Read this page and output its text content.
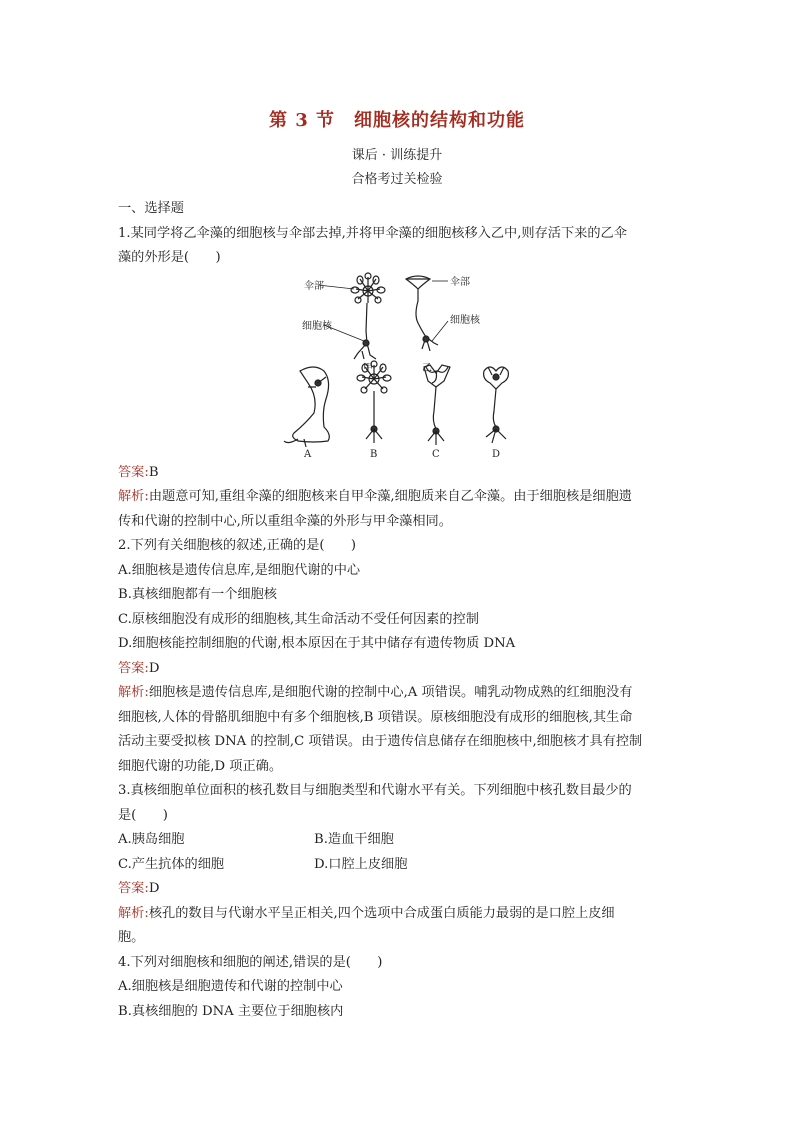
第 3 节　细胞核的结构和功能
课后 · 训练提升
合格考过关检验
一、选择题
1.某同学将乙伞藻的细胞核与伞部去掉,并将甲伞藻的细胞核移入乙中,则存活下来的乙伞
藻的外形是(　　)
伞部
细胞核
伞部
细胞核
甲	乙
A	B	C	D
答案:B
解析:由题意可知,重组伞藻的细胞核来自甲伞藻,细胞质来自乙伞藻。由于细胞核是细胞遗
传和代谢的控制中心,所以重组伞藻的外形与甲伞藻相同。
2.下列有关细胞核的叙述,正确的是(　　)
A.细胞核是遗传信息库,是细胞代谢的中心
B.真核细胞都有一个细胞核
C.原核细胞没有成形的细胞核,其生命活动不受任何因素的控制
D.细胞核能控制细胞的代谢,根本原因在于其中储存有遗传物质 DNA
答案:D
解析:细胞核是遗传信息库,是细胞代谢的控制中心,A 项错误。哺乳动物成熟的红细胞没有
细胞核,人体的骨骼肌细胞中有多个细胞核,B 项错误。原核细胞没有成形的细胞核,其生命
活动主要受拟核 DNA 的控制,C 项错误。由于遗传信息储存在细胞核中,细胞核才具有控制
细胞代谢的功能,D 项正确。
3.真核细胞单位面积的核孔数目与细胞类型和代谢水平有关。下列细胞中核孔数目最少的
是(　　)
A.胰岛细胞	B.造血干细胞
C.产生抗体的细胞	D.口腔上皮细胞
答案:D
解析:核孔的数目与代谢水平呈正相关,四个选项中合成蛋白质能力最弱的是口腔上皮细
胞。
4.下列对细胞核和细胞的阐述,错误的是(　　)
A.细胞核是细胞遗传和代谢的控制中心
B.真核细胞的 DNA 主要位于细胞核内
